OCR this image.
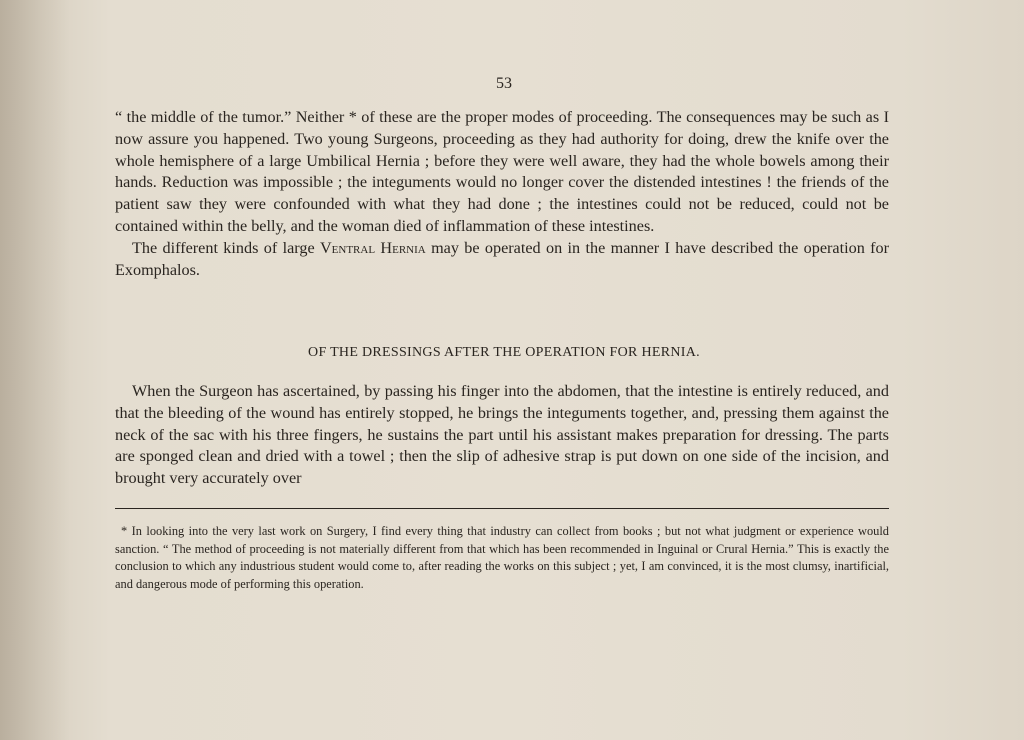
53

“ the middle of the tumor.” Neither * of these are the proper modes of proceeding. The consequences may be such as I now assure you happened. Two young Surgeons, proceeding as they had authority for doing, drew the knife over the whole hemisphere of a large Umbilical Hernia ; before they were well aware, they had the whole bowels among their hands. Reduction was impossible ; the integuments would no longer cover the distended intestines ! the friends of the patient saw they were confounded with what they had done ; the intestines could not be reduced, could not be contained within the belly, and the woman died of inflammation of these intestines.

The different kinds of large Ventral Hernia may be operated on in the manner I have described the operation for Exomphalos.

OF THE DRESSINGS AFTER THE OPERATION FOR HERNIA.

When the Surgeon has ascertained, by passing his finger into the abdomen, that the intestine is entirely reduced, and that the bleeding of the wound has entirely stopped, he brings the integuments together, and, pressing them against the neck of the sac with his three fingers, he sustains the part until his assistant makes preparation for dressing. The parts are sponged clean and dried with a towel ; then the slip of adhesive strap is put down on one side of the incision, and brought very accurately over

* In looking into the very last work on Surgery, I find every thing that industry can collect from books ; but not what judgment or experience would sanction. “ The method of proceeding is not materially different from that which has been recommended in Inguinal or Crural Hernia.” This is exactly the conclusion to which any industrious student would come to, after reading the works on this subject ; yet, I am convinced, it is the most clumsy, inartificial, and dangerous mode of performing this operation.
